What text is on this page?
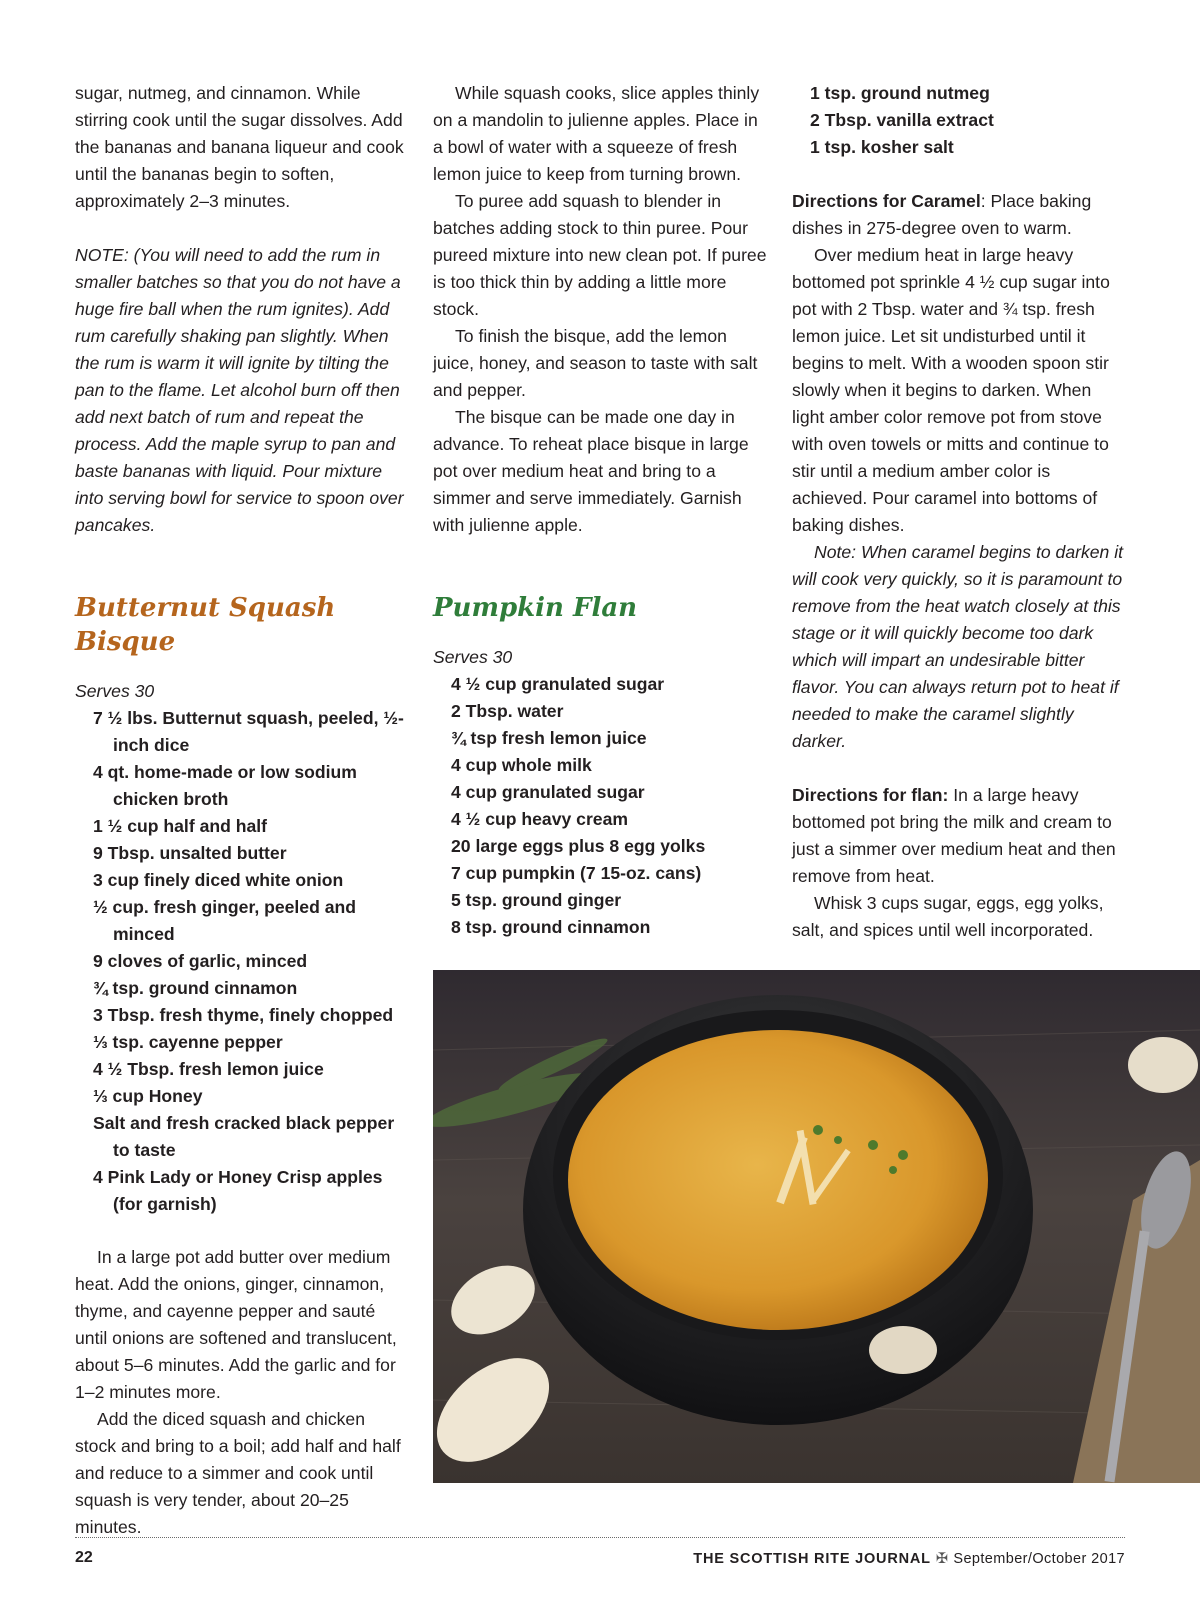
sugar, nutmeg, and cinnamon. While stirring cook until the sugar dissolves. Add the bananas and banana liqueur and cook until the bananas begin to soften, approximately 2–3 minutes.

NOTE: (You will need to add the rum in smaller batches so that you do not have a huge fire ball when the rum ignites). Add rum carefully shaking pan slightly. When the rum is warm it will ignite by tilting the pan to the flame. Let alcohol burn off then add next batch of rum and repeat the process. Add the maple syrup to pan and baste bananas with liquid. Pour mixture into serving bowl for service to spoon over pancakes.

Butternut Squash Bisque

Serves 30

7 ½ lbs. Butternut squash, peeled, ½-inch dice
4 qt. home-made or low sodium chicken broth
1 ½ cup half and half
9 Tbsp. unsalted butter
3 cup finely diced white onion
½ cup. fresh ginger, peeled and minced
9 cloves of garlic, minced
¾ tsp. ground cinnamon
3 Tbsp. fresh thyme, finely chopped
⅓ tsp. cayenne pepper
4 ½ Tbsp. fresh lemon juice
⅓ cup Honey
Salt and fresh cracked black pepper to taste
4 Pink Lady or Honey Crisp apples (for garnish)

In a large pot add butter over medium heat. Add the onions, ginger, cinnamon, thyme, and cayenne pepper and sauté until onions are softened and translucent, about 5–6 minutes. Add the garlic and for 1–2 minutes more.

Add the diced squash and chicken stock and bring to a boil; add half and half and reduce to a simmer and cook until squash is very tender, about 20–25 minutes.

While squash cooks, slice apples thinly on a mandolin to julienne apples. Place in a bowl of water with a squeeze of fresh lemon juice to keep from turning brown.

To puree add squash to blender in batches adding stock to thin puree. Pour pureed mixture into new clean pot. If puree is too thick thin by adding a little more stock.

To finish the bisque, add the lemon juice, honey, and season to taste with salt and pepper.

The bisque can be made one day in advance. To reheat place bisque in large pot over medium heat and bring to a simmer and serve immediately. Garnish with julienne apple.

Pumpkin Flan

Serves 30

4 ½ cup granulated sugar
2 Tbsp. water
¾ tsp fresh lemon juice
4 cup whole milk
4 cup granulated sugar
4 ½ cup heavy cream
20 large eggs plus 8 egg yolks
7 cup pumpkin (7 15-oz. cans)
5 tsp. ground ginger
8 tsp. ground cinnamon
1 tsp. ground nutmeg
2 Tbsp. vanilla extract
1 tsp. kosher salt

Directions for Caramel: Place baking dishes in 275-degree oven to warm.

Over medium heat in large heavy bottomed pot sprinkle 4 ½ cup sugar into pot with 2 Tbsp. water and ¾ tsp. fresh lemon juice. Let sit undisturbed until it begins to melt. With a wooden spoon stir slowly when it begins to darken. When light amber color remove pot from stove with oven towels or mitts and continue to stir until a medium amber color is achieved. Pour caramel into bottoms of baking dishes.

Note: When caramel begins to darken it will cook very quickly, so it is paramount to remove from the heat watch closely at this stage or it will quickly become too dark which will impart an undesirable bitter flavor. You can always return pot to heat if needed to make the caramel slightly darker.

Directions for flan: In a large heavy bottomed pot bring the milk and cream to just a simmer over medium heat and then remove from heat.

Whisk 3 cups sugar, eggs, egg yolks, salt, and spices until well incorporated.

22	THE SCOTTISH RITE JOURNAL ✠ September/October 2017
